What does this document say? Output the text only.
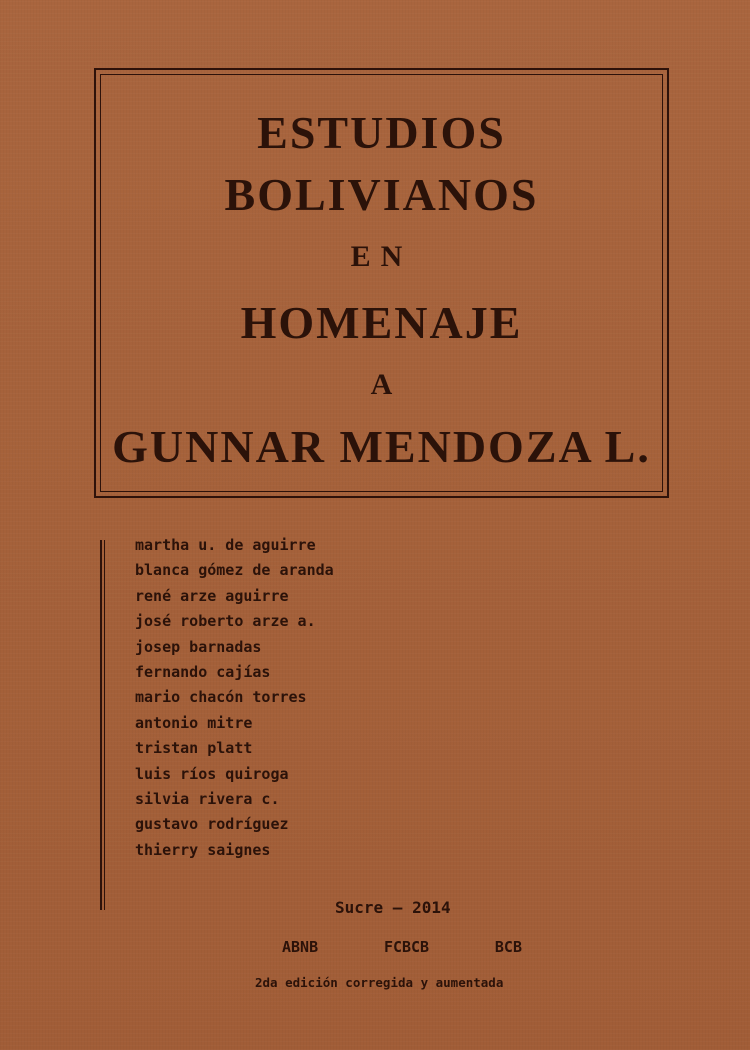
ESTUDIOS
BOLIVIANOS
EN
HOMENAJE
A
GUNNAR MENDOZA L.
martha u. de aguirre
blanca gómez de aranda
rené arze aguirre
josé roberto arze a.
josep barnadas
fernando cajías
mario chacón torres
antonio mitre
tristan platt
luis ríos quiroga
silvia rivera c.
gustavo rodríguez
thierry saignes
Sucre — 2014
ABNB	FCBCB	BCB
2da edición corregida y aumentada
